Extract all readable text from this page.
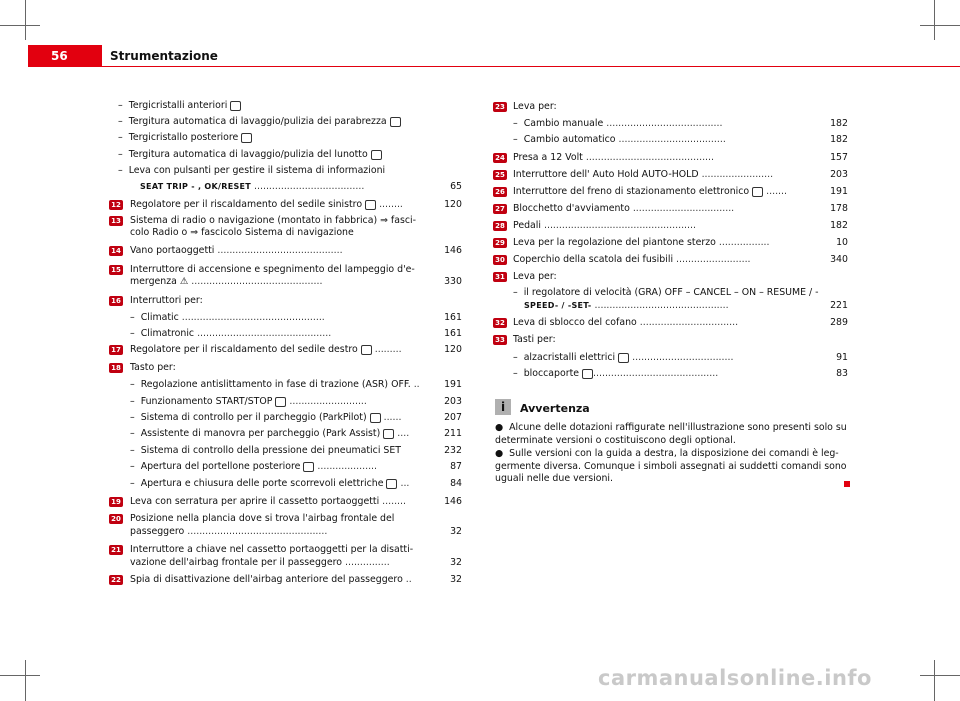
56	Strumentazione
– Tergicristalli anteriori
– Tergitura automatica di lavaggio/pulizia dei parabrezza
– Tergicristallo posteriore
– Tergitura automatica di lavaggio/pulizia del lunotto
– Leva con pulsanti per gestire il sistema di informazioni
SEAT TRIP - , OK/RESET .....................................	65
12 Regolatore per il riscaldamento del sedile sinistro ........	120
13 Sistema di radio o navigazione (montato in fabbrica) ⇒ fasci-
colo Radio o ⇒ fascicolo Sistema di navigazione
14 Vano portaoggetti ..........................................	146
15 Interruttore di accensione e spegnimento del lampeggio d'e-
mergenza ⚠ ............................................	330
16 Interruttori per:
– Climatic ................................................	161
– Climatronic .............................................	161
17 Regolatore per il riscaldamento del sedile destro .........	120
18 Tasto per:
– Regolazione antislittamento in fase di trazione (ASR) OFF. ..	191
– Funzionamento START/STOP ..........................	203
– Sistema di controllo per il parcheggio (ParkPilot) ......	207
– Assistente di manovra per parcheggio (Park Assist) ....	211
– Sistema di controllo della pressione dei pneumatici SET	232
– Apertura del portellone posteriore ....................	87
– Apertura e chiusura delle porte scorrevoli elettriche ...	84
19 Leva con serratura per aprire il cassetto portaoggetti ........	146
20 Posizione nella plancia dove si trova l'airbag frontale del
passeggero ...............................................	32
21 Interruttore a chiave nel cassetto portaoggetti per la disatti-
vazione dell'airbag frontale per il passeggero ...............	32
22 Spia di disattivazione dell'airbag anteriore del passeggero ..	32
23 Leva per:
– Cambio manuale .......................................	182
– Cambio automatico ....................................	182
24 Presa a 12 Volt ...........................................	157
25 Interruttore dell' Auto Hold AUTO-HOLD ........................	203
26 Interruttore del freno di stazionamento elettronico .......	191
27 Blocchetto d'avviamento ..................................	178
28 Pedali ...................................................	182
29 Leva per la regolazione del piantone sterzo .................	10
30 Coperchio della scatola dei fusibili .........................	340
31 Leva per:
– il regolatore di velocità (GRA) OFF – CANCEL – ON – RESUME / -
SPEED- / -SET- .............................................	221
32 Leva di sblocco del cofano .................................	289
33 Tasti per:
– alzacristalli elettrici ..................................	91
– bloccaporte ..........................................	83
i	Avvertenza
●  Alcune delle dotazioni raffigurate nell'illustrazione sono presenti solo su determinate versioni o costituiscono degli optional.
●  Sulle versioni con la guida a destra, la disposizione dei comandi è leg- germente diversa. Comunque i simboli assegnati ai suddetti comandi sono uguali nelle due versioni.
carmanualsonline.info
